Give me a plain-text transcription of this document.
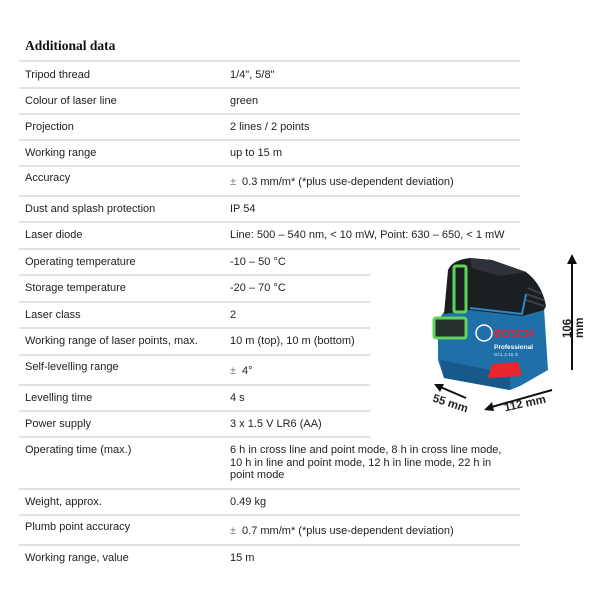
Additional data
Tripod thread	1/4", 5/8"
Colour of laser line	green
Projection	2 lines / 2 points
Working range	up to 15 m
Accuracy	± 0.3 mm/m* (*plus use-dependent deviation)
Dust and splash protection	IP 54
Laser diode	Line: 500 – 540 nm, < 10 mW, Point: 630 – 650, < 1 mW
Operating temperature	-10 – 50 °C
Storage temperature	-20 – 70 °C
Laser class	2
Working range of laser points, max.	10 m (top), 10 m (bottom)
Self-levelling range	± 4°
Levelling time	4 s
Power supply	3 x 1.5 V LR6 (AA)
Operating time (max.)	6 h in cross line and point mode, 8 h in cross line mode, 10 h in line and point mode, 12 h in line mode, 22 h in point mode
Weight, approx.	0.49 kg
Plumb point accuracy	± 0.7 mm/m* (*plus use-dependent deviation)
Working range, value	15 m
BOSCH
Professional
GCL 2-15 G
106 mm
112 mm
55 mm
